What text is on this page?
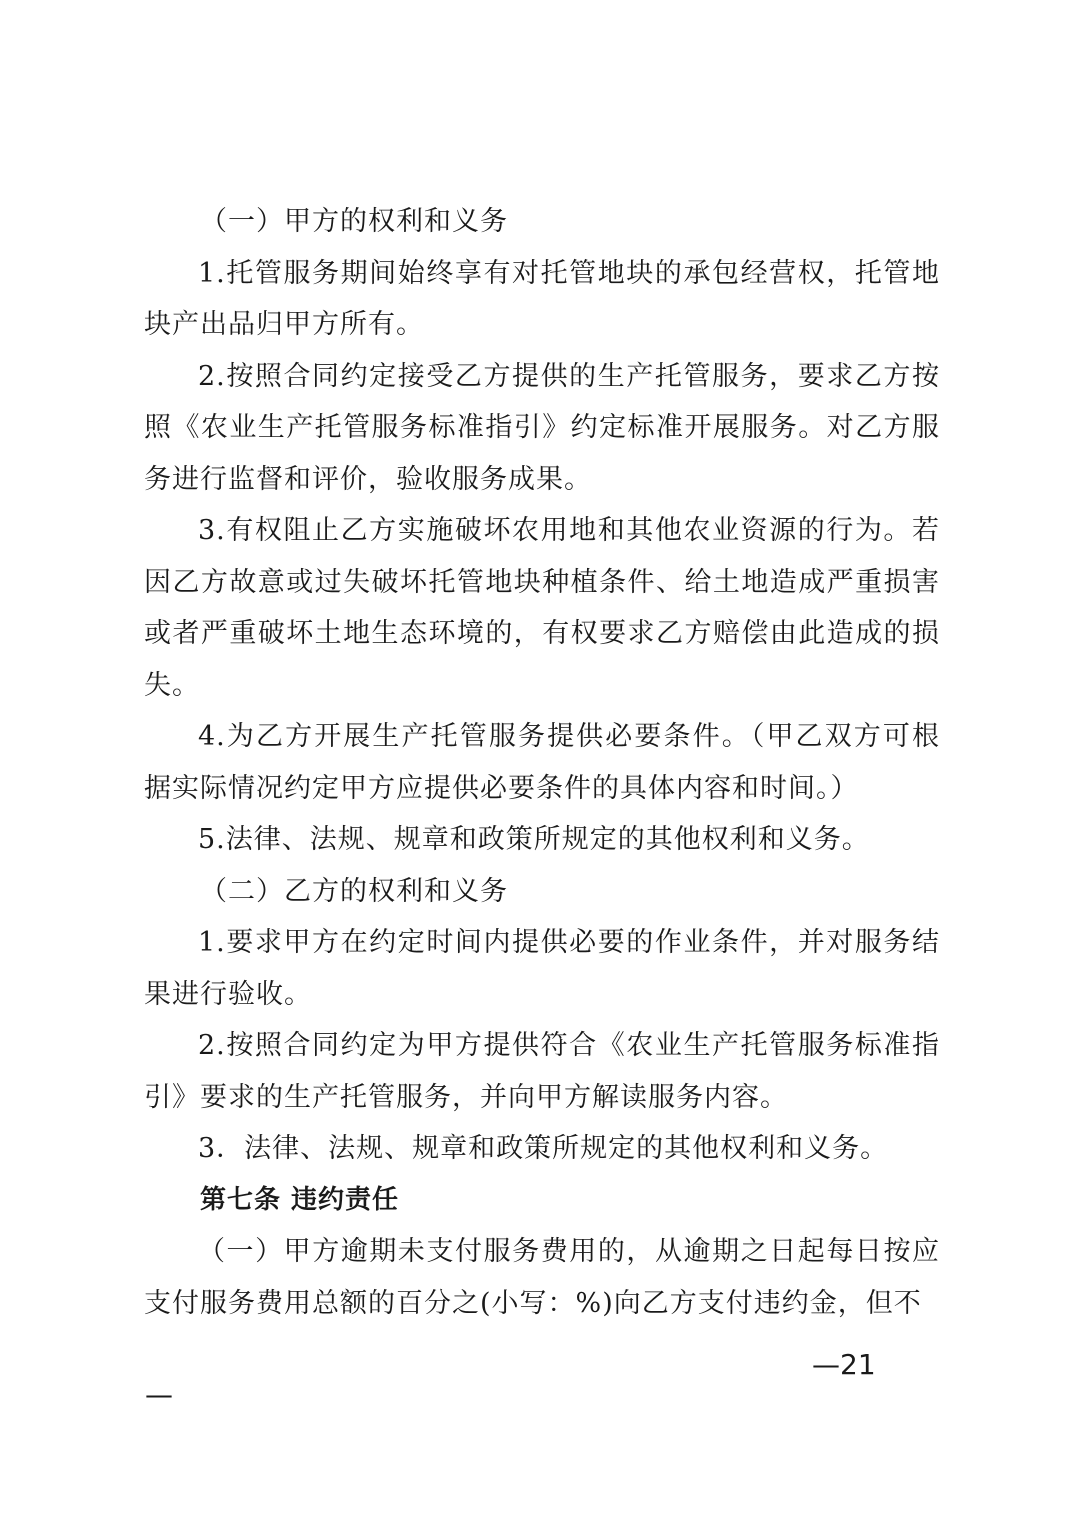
（一）甲方的权利和义务

1.托管服务期间始终享有对托管地块的承包经营权，托管地块产出品归甲方所有。

2.按照合同约定接受乙方提供的生产托管服务，要求乙方按照《农业生产托管服务标准指引》约定标准开展服务。对乙方服务进行监督和评价，验收服务成果。

3.有权阻止乙方实施破坏农用地和其他农业资源的行为。若因乙方故意或过失破坏托管地块种植条件、给土地造成严重损害或者严重破坏土地生态环境的，有权要求乙方赔偿由此造成的损失。

4.为乙方开展生产托管服务提供必要条件。（甲乙双方可根据实际情况约定甲方应提供必要条件的具体内容和时间。）

5.法律、法规、规章和政策所规定的其他权利和义务。

（二）乙方的权利和义务

1.要求甲方在约定时间内提供必要的作业条件，并对服务结果进行验收。

2.按照合同约定为甲方提供符合《农业生产托管服务标准指引》要求的生产托管服务，并向甲方解读服务内容。

3．法律、法规、规章和政策所规定的其他权利和义务。

第七条 违约责任

（一）甲方逾期未支付服务费用的，从逾期之日起每日按应支付服务费用总额的百分之(小写：%)向乙方支付违约金，但不

—21
—
